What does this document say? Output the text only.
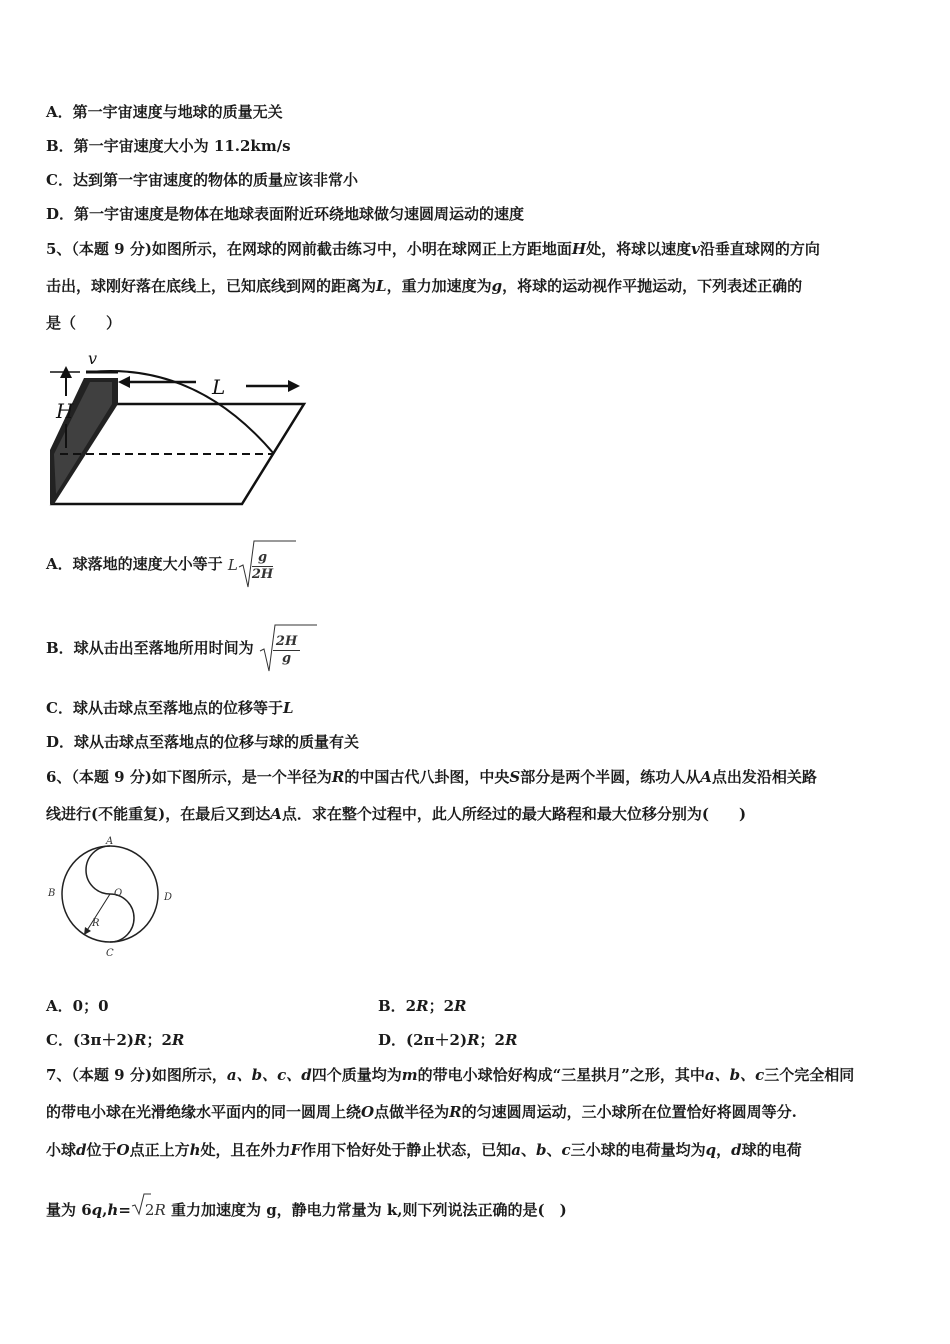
A．第一宇宙速度与地球的质量无关
B．第一宇宙速度大小为 11.2km/s
C．达到第一宇宙速度的物体的质量应该非常小
D．第一宇宙速度是物体在地球表面附近环绕地球做匀速圆周运动的速度
5、（本题 9 分)如图所示，在网球的网前截击练习中，小明在球网正上方距地面H处，将球以速度v沿垂直球网的方向
击出，球刚好落在底线上，已知底线到网的距离为L，重力加速度为g，将球的运动视作平抛运动，下列表述正确的
是（　　）
L
H
v
A．球落地的速度大小等于 L $\frac{g}{2H}$
B．球从击出至落地所用时间为 $\frac{2H}{g}$
C．球从击球点至落地点的位移等于L
D．球从击球点至落地点的位移与球的质量有关
6、（本题 9 分)如下图所示，是一个半径为R的中国古代八卦图，中央S部分是两个半圆，练功人从A点出发沿相关路
线进行(不能重复)，在最后又到达A点．求在整个过程中，此人所经过的最大路程和最大位移分别为(　　)
A
B
C
D
O
R
A．0；0	B．2R；2R
C．(3π＋2)R；2R	D．(2π＋2)R；2R
7、（本题 9 分)如图所示，a、b、c、d四个质量均为m的带电小球恰好构成“三星拱月”之形，其中a、b、c三个完全相同
的带电小球在光滑绝缘水平面内的同一圆周上绕O点做半径为R的匀速圆周运动，三小球所在位置恰好将圆周等分.
小球d位于O点正上方h处，且在外力F作用下恰好处于静止状态，已知a、b、c三小球的电荷量均为q，d球的电荷
量为 6q,h= 2R 重力加速度为 g，静电力常量为 k,则下列说法正确的是(　)
